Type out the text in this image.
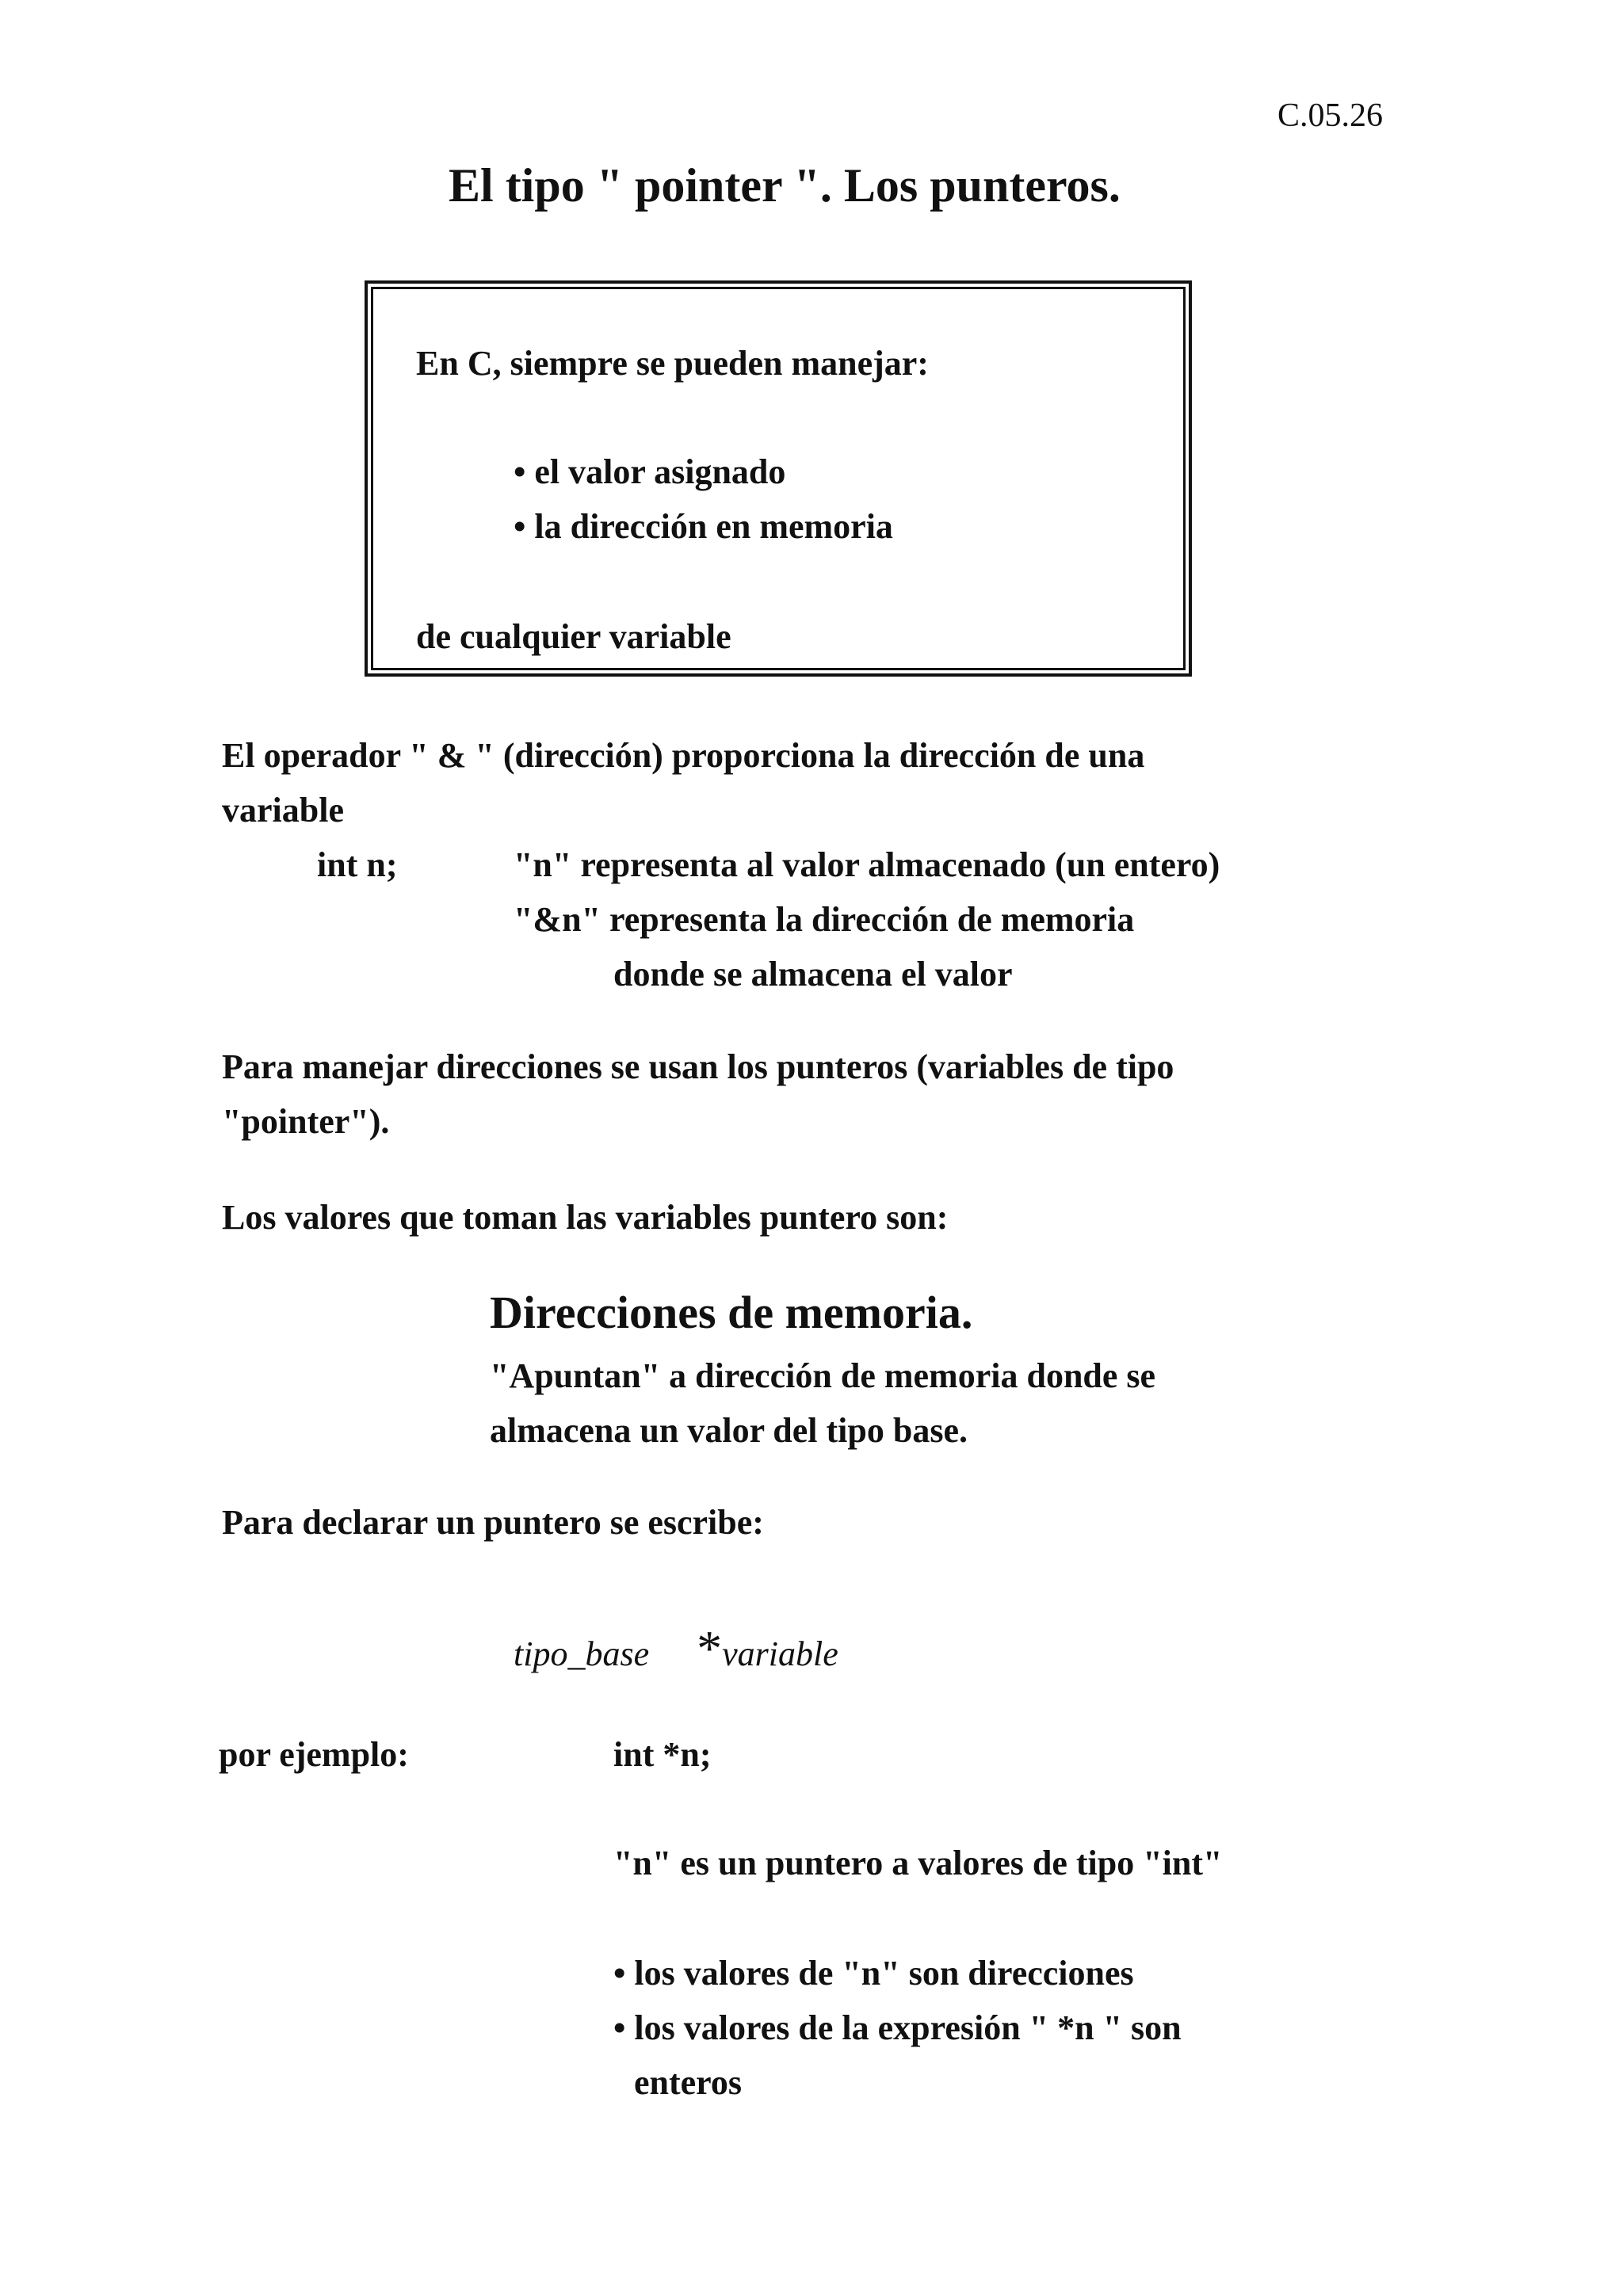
C.05.26
El tipo " pointer ". Los punteros.
En C, siempre se pueden manejar:
• el valor asignado
• la dirección en memoria
de cualquier variable
El operador " & " (dirección) proporciona la dirección de una
variable
int n;	"n" representa al valor almacenado (un entero)
"&n" representa la dirección de memoria
donde se almacena el valor
Para manejar direcciones se usan los punteros (variables de tipo
"pointer").
Los valores que toman las variables puntero son:
Direcciones de memoria.
"Apuntan" a dirección de memoria donde se
almacena un valor del tipo base.
Para declarar un puntero se escribe:
tipo_base *variable
por ejemplo:	int *n;
"n" es un puntero a valores de tipo "int"
• los valores de "n" son direcciones
• los valores de la expresión " *n " son
enteros
